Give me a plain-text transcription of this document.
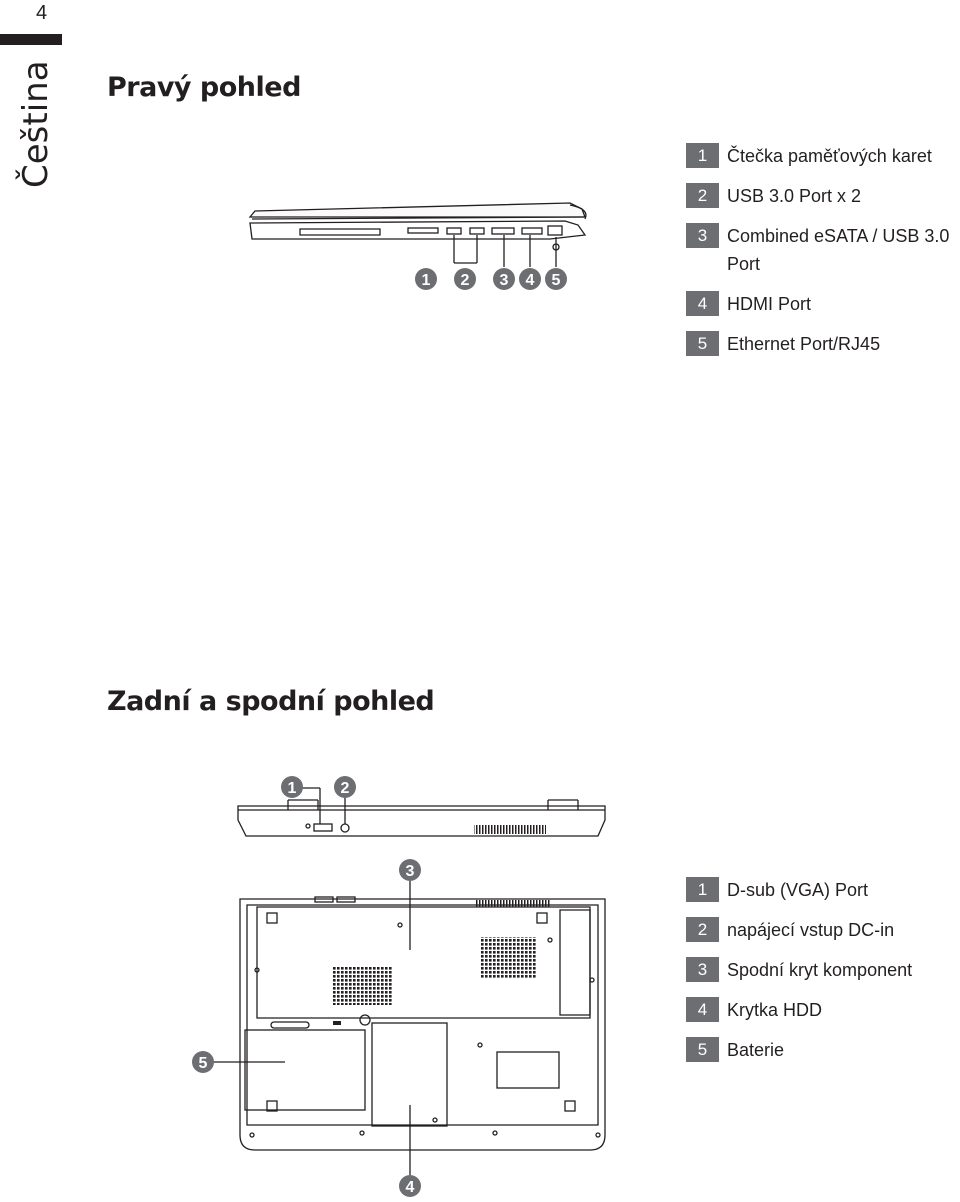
4
Čeština Pravý pohled
1 2 3 4 5
1	Čtečka paměťových karet
2	USB 3.0 Port x 2
3	Combined eSATA / USB 3.0 Port
4	HDMI Port
5	Ethernet Port/RJ45
Zadní a spodní pohled
1	2
3
5
4
1	D-sub (VGA) Port
2	napájecí vstup DC-in
3	Spodní kryt komponent
4	Krytka HDD
5	Baterie
